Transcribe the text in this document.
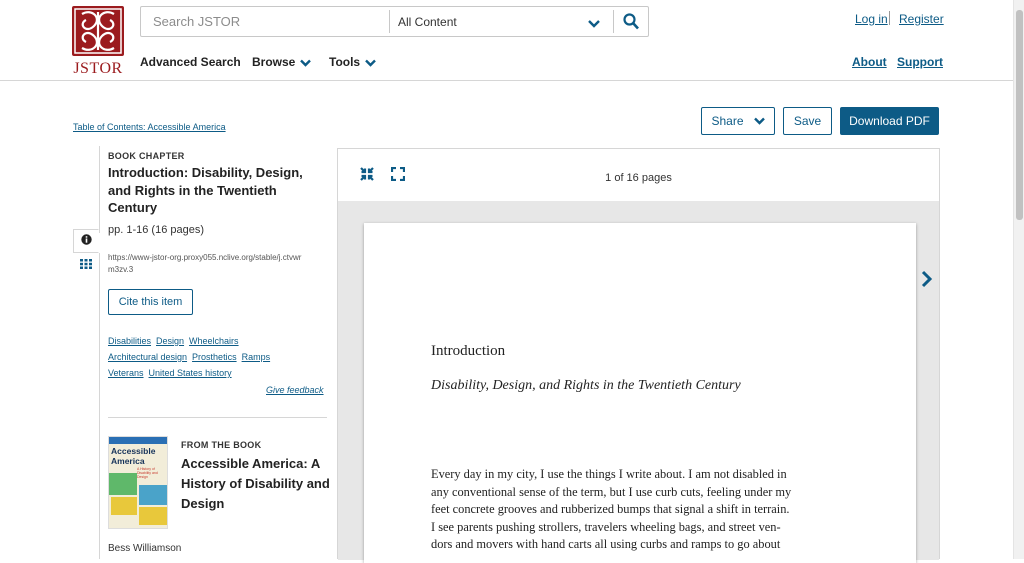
JSTOR
Search JSTOR
All Content
Advanced Search Browse	Tools
Log in Register
About Support
Share	Save Download PDF
Table of Contents: Accessible America
BOOK CHAPTER
Introduction: Disability, Design, and Rights in the Twentieth Century
pp. 1-16 (16 pages)
https://www-jstor-org.proxy055.nclive.org/stable/j.ctvwrm3zv.3
Cite this item
Disabilities Design Wheelchairs
Architectural design Prosthetics Ramps
Veterans United States history
Give feedback
Accessible
America
A History of Disability and Design
FROM THE BOOK
Accessible America: A History of Disability and Design
Bess Williamson
1 of 16 pages
Introduction
Disability, Design, and Rights in the Twentieth Century
Every day in my city, I use the things I write about. I am not disabled in
any conventional sense of the term, but I use curb cuts, feeling under my
feet concrete grooves and rubberized bumps that signal a shift in terrain.
I see parents pushing strollers, travelers wheeling bags, and street ven-
dors and movers with hand carts all using curbs and ramps to go about
